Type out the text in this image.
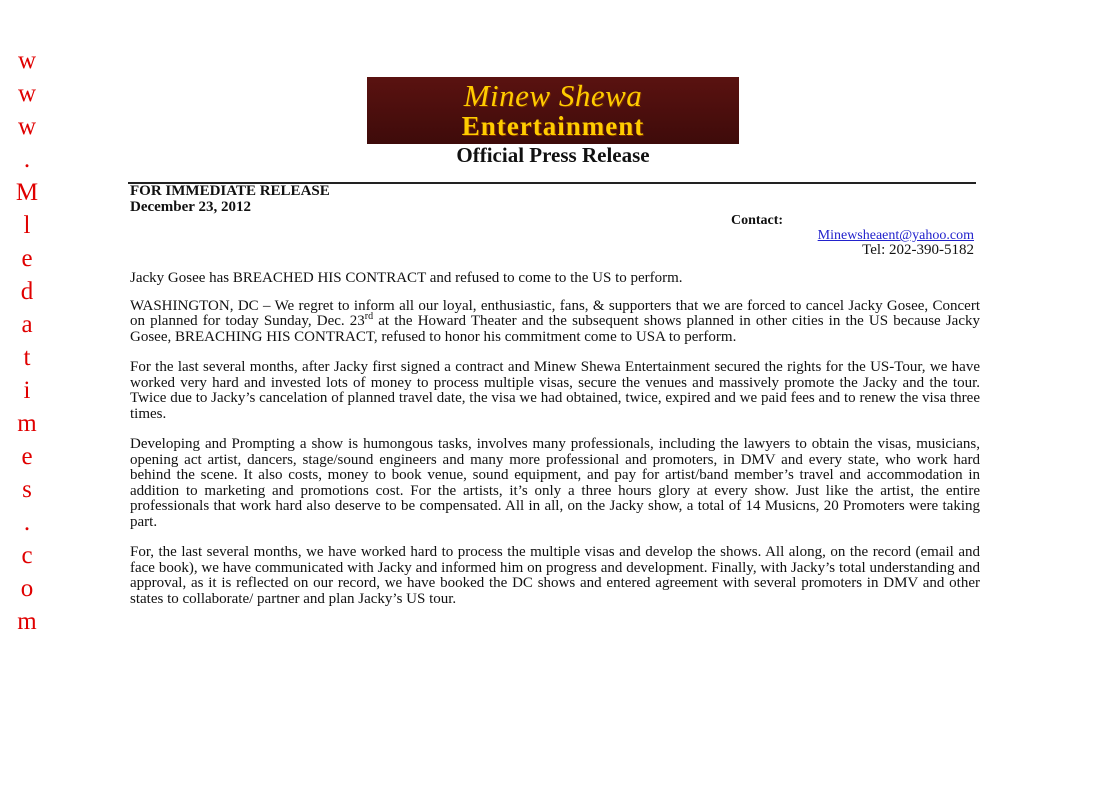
w
w
w
.
M
l
e
d
a
t
i
m
e
s
.
c
o
m
Minew Shewa
Entertainment
Official Press Release
FOR IMMEDIATE RELEASE
December 23, 2012
Contact:
Minewsheaent@yahoo.com
Tel: 202-390-5182

Jacky Gosee has BREACHED HIS CONTRACT and refused to come to the US to perform.

WASHINGTON, DC – We regret to inform all our loyal, enthusiastic, fans, & supporters that we are forced to cancel Jacky Gosee, Concert on planned for today Sunday, Dec. 23rd at the Howard Theater and the subsequent shows planned in other cities in the US because Jacky Gosee, BREACHING HIS CONTRACT, refused to honor his commitment come to USA to perform.

For the last several months, after Jacky first signed a contract and Minew Shewa Entertainment secured the rights for the US-Tour, we have worked very hard and invested lots of money to process multiple visas, secure the venues and massively promote the Jacky and the tour. Twice due to Jacky’s cancelation of planned travel date, the visa we had obtained, twice, expired and we paid fees and to renew the visa three times.

Developing and Prompting a show is humongous tasks, involves many professionals, including the lawyers to obtain the visas, musicians, opening act artist, dancers, stage/sound engineers and many more professional and promoters, in DMV and every state, who work hard behind the scene. It also costs, money to book venue, sound equipment, and pay for artist/band member’s travel and accommodation in addition to marketing and promotions cost. For the artists, it’s only a three hours glory at every show. Just like the artist, the entire professionals that work hard also deserve to be compensated. All in all, on the Jacky show, a total of 14 Musicns, 20 Promoters were taking part.

For, the last several months, we have worked hard to process the multiple visas and develop the shows. All along, on the record (email and face book), we have communicated with Jacky and informed him on progress and development. Finally, with Jacky’s total understanding and approval, as it is reflected on our record, we have booked the DC shows and entered agreement with several promoters in DMV and other states to collaborate/ partner and plan Jacky’s US tour.
